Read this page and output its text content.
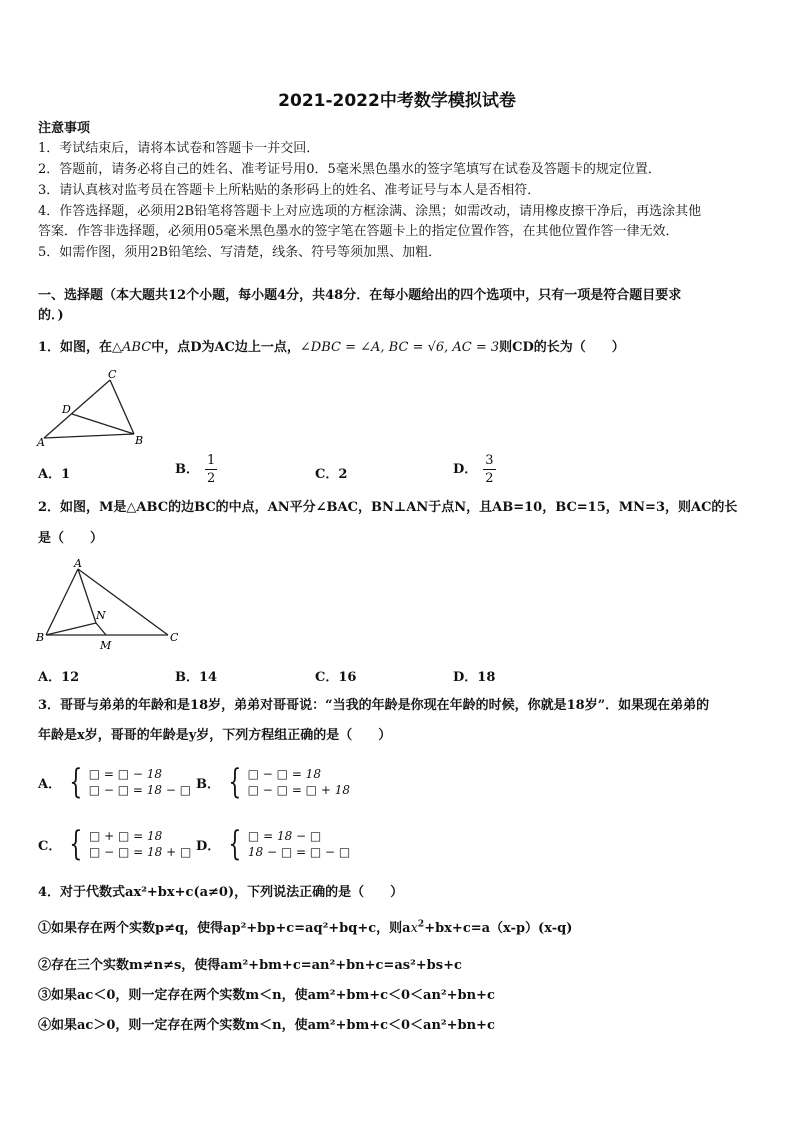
2021-2022中考数学模拟试卷
注意事项
1．考试结束后，请将本试卷和答题卡一并交回．
2．答题前，请务必将自己的姓名、准考证号用0．5毫米黑色墨水的签字笔填写在试卷及答题卡的规定位置．
3．请认真核对监考员在答题卡上所粘贴的条形码上的姓名、准考证号与本人是否相符．
4．作答选择题，必须用2B铅笔将答题卡上对应选项的方框涂满、涂黑；如需改动，请用橡皮擦干净后，再选涂其他
答案．作答非选择题，必须用05毫米黑色墨水的签字笔在答题卡上的指定位置作答，在其他位置作答一律无效．
5．如需作图，须用2B铅笔绘、写清楚，线条、符号等须加黑、加粗．
一、选择题（本大题共12个小题，每小题4分，共48分．在每小题给出的四个选项中，只有一项是符合题目要求
的．)
1．如图，在△ABC中，点D为AC边上一点，∠DBC = ∠A, BC = √6, AC = 3则CD的长为（　　）
C
D
A	B
A．1	B． $\frac{1}{2}$	C．2	D． $\frac{3}{2}$
2．如图，M是△ABC的边BC的中点，AN平分∠BAC，BN⊥AN于点N，且AB=10，BC=15，MN=3，则AC的长
是（　　）
A
N
B
M
C
A．12	B．14	C．16	D．18
3．哥哥与弟弟的年龄和是18岁，弟弟对哥哥说：“当我的年龄是你现在年龄的时候，你就是18岁”．如果现在弟弟的
年龄是x岁，哥哥的年龄是y岁，下列方程组正确的是（　　）
A． { □ = □ − 18
□ − □ = 18 − □ B． { □ − □ = 18
□ − □ = □ + 18
C． { □ + □ = 18
□ − □ = 18 + □ D． { □ = 18 − □
18 − □ = □ − □
4．对于代数式ax²+bx+c(a≠0)，下列说法正确的是（　　）
①如果存在两个实数p≠q，使得ap²+bp+c=aq²+bq+c，则$ax^2+bx+c=a(x-p)(x-q)$
②存在三个实数m≠n≠s，使得am²+bm+c=an²+bn+c=as²+bs+c
③如果ac＜0，则一定存在两个实数m＜n，使am²+bm+c＜0＜an²+bn+c
④如果ac＞0，则一定存在两个实数m＜n，使am²+bm+c＜0＜an²+bn+c
